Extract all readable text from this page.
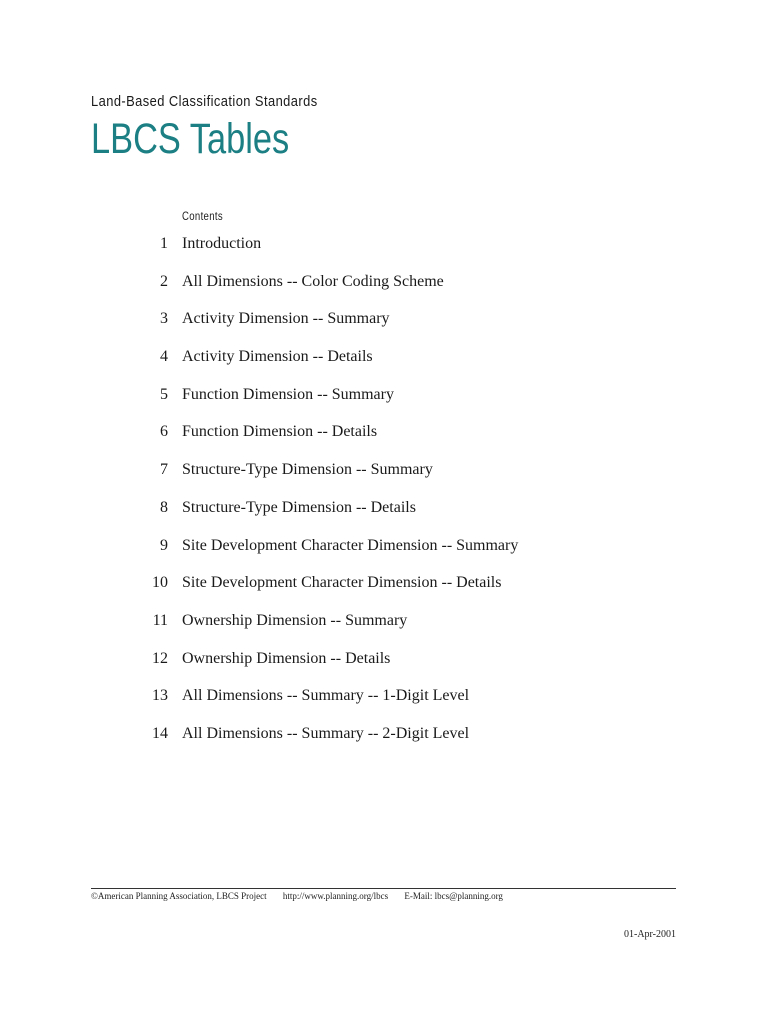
Land-Based Classification Standards
LBCS Tables
Contents
1 Introduction
2 All Dimensions -- Color Coding Scheme
3 Activity Dimension -- Summary
4 Activity Dimension -- Details
5 Function Dimension -- Summary
6 Function Dimension -- Details
7 Structure-Type Dimension -- Summary
8 Structure-Type Dimension -- Details
9 Site Development Character Dimension -- Summary
10 Site Development Character Dimension -- Details
11 Ownership Dimension -- Summary
12 Ownership Dimension -- Details
13 All Dimensions -- Summary -- 1-Digit Level
14 All Dimensions -- Summary -- 2-Digit Level
©American Planning Association, LBCS Project http://www.planning.org/lbcs E-Mail: lbcs@planning.org
01-Apr-2001
